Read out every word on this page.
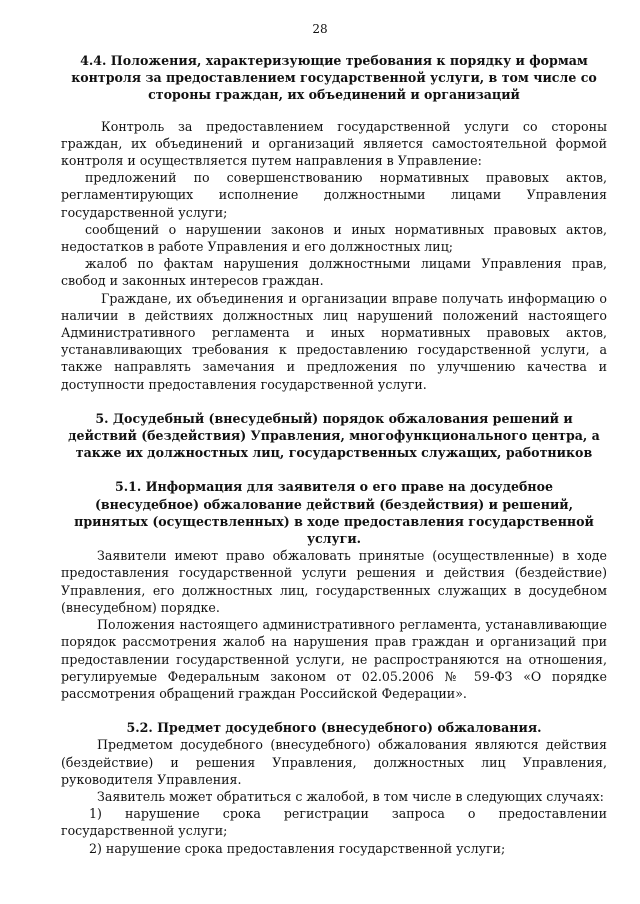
28

4.4. Положения, характеризующие требования к порядку и формам контроля за предоставлением государственной услуги, в том числе со стороны граждан, их объединений и организаций

Контроль за предоставлением государственной услуги со стороны граждан, их объединений и организаций является самостоятельной формой контроля и осуществляется путем направления в Управление:

предложений по совершенствованию нормативных правовых актов, регламентирующих исполнение должностными лицами Управления государственной услуги;

сообщений о нарушении законов и иных нормативных правовых актов, недостатков в работе Управления и его должностных лиц;

жалоб по фактам нарушения должностными лицами Управления прав, свобод и законных интересов граждан.

Граждане, их объединения и организации вправе получать информацию о наличии в действиях должностных лиц нарушений положений настоящего Административного регламента и иных нормативных правовых актов, устанавливающих требования к предоставлению государственной услуги, а также направлять замечания и предложения по улучшению качества и доступности предоставления государственной услуги.

5. Досудебный (внесудебный) порядок обжалования решений и действий (бездействия) Управления, многофункционального центра, а также их должностных лиц, государственных служащих, работников

5.1. Информация для заявителя о его праве на досудебное (внесудебное) обжалование действий (бездействия) и решений, принятых (осуществленных) в ходе предоставления государственной услуги.

Заявители имеют право обжаловать принятые (осуществленные) в ходе предоставления государственной услуги решения и действия (бездействие) Управления, его должностных лиц, государственных служащих в досудебном (внесудебном) порядке.

Положения настоящего административного регламента, устанавливающие порядок рассмотрения жалоб на нарушения прав граждан и организаций при предоставлении государственной услуги, не распространяются на отношения, регулируемые Федеральным законом от 02.05.2006 № 59-ФЗ «О порядке рассмотрения обращений граждан Российской Федерации».

5.2. Предмет досудебного (внесудебного) обжалования.

Предметом досудебного (внесудебного) обжалования являются действия (бездействие) и решения Управления, должностных лиц Управления, руководителя Управления.

Заявитель может обратиться с жалобой, в том числе в следующих случаях:

1) нарушение срока регистрации запроса о предоставлении государственной услуги;

2) нарушение срока предоставления государственной услуги;
